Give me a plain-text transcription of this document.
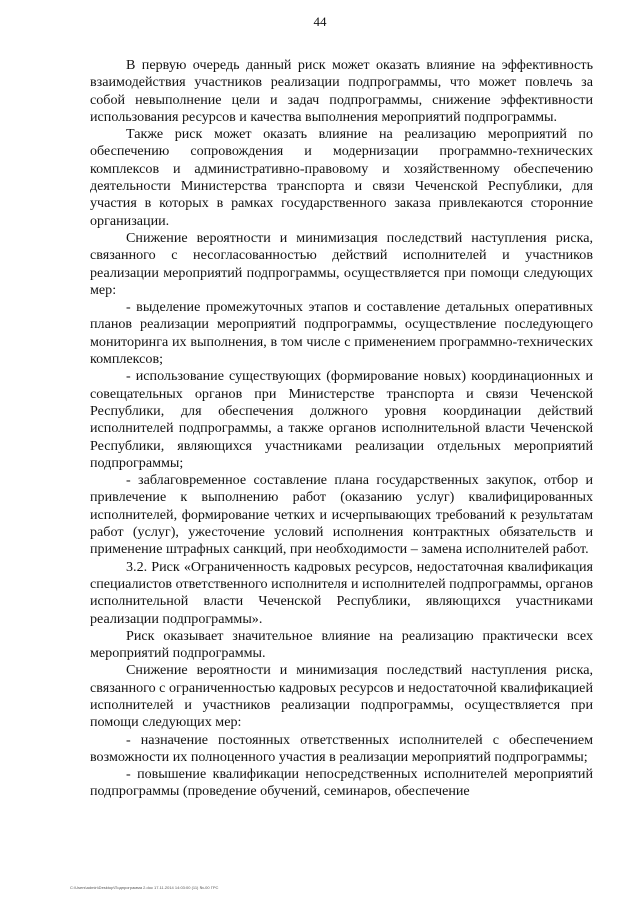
44

В первую очередь данный риск может оказать влияние на эффективность взаимодействия участников реализации подпрограммы, что может повлечь за собой невыполнение цели и задач подпрограммы, снижение эффективности использования ресурсов и качества выполнения мероприятий подпрограммы.

Также риск может оказать влияние на реализацию мероприятий по обеспечению сопровождения и модернизации программно-технических комплексов и административно-правовому и хозяйственному обеспечению деятельности Министерства транспорта и связи Чеченской Республики, для участия в которых в рамках государственного заказа привлекаются сторонние организации.

Снижение вероятности и минимизация последствий наступления риска, связанного с несогласованностью действий исполнителей и участников реализации мероприятий подпрограммы, осуществляется при помощи следующих мер:

- выделение промежуточных этапов и составление детальных оперативных планов реализации мероприятий подпрограммы, осуществление последующего мониторинга их выполнения, в том числе с применением программно-технических комплексов;

- использование существующих (формирование новых) координационных и совещательных органов при Министерстве транспорта и связи Чеченской Республики, для обеспечения должного уровня координации действий исполнителей подпрограммы, а также органов исполнительной власти Чеченской Республики, являющихся участниками реализации отдельных мероприятий подпрограммы;

- заблаговременное составление плана государственных закупок, отбор и привлечение к выполнению работ (оказанию услуг) квалифицированных исполнителей, формирование четких и исчерпывающих требований к результатам работ (услуг), ужесточение условий исполнения контрактных обязательств и применение штрафных санкций, при необходимости – замена исполнителей работ.

3.2. Риск «Ограниченность кадровых ресурсов, недостаточная квалификация специалистов ответственного исполнителя и исполнителей подпрограммы, органов исполнительной власти Чеченской Республики, являющихся участниками реализации подпрограммы».

Риск оказывает значительное влияние на реализацию практически всех мероприятий подпрограммы.

Снижение вероятности и минимизация последствий наступления риска, связанного с ограниченностью кадровых ресурсов и недостаточной квалификацией исполнителей и участников реализации подпрограммы, осуществляется при помощи следующих мер:

- назначение постоянных ответственных исполнителей с обеспечением возможности их полноценного участия в реализации мероприятий подпрограммы;

- повышение квалификации непосредственных исполнителей мероприятий подпрограммы (проведение обучений, семинаров, обеспечение

С:\Users\admin\Desktop\Подпрограмма 2.doc 17.11.2014 14:03:00 (11) №-00 ГРС
